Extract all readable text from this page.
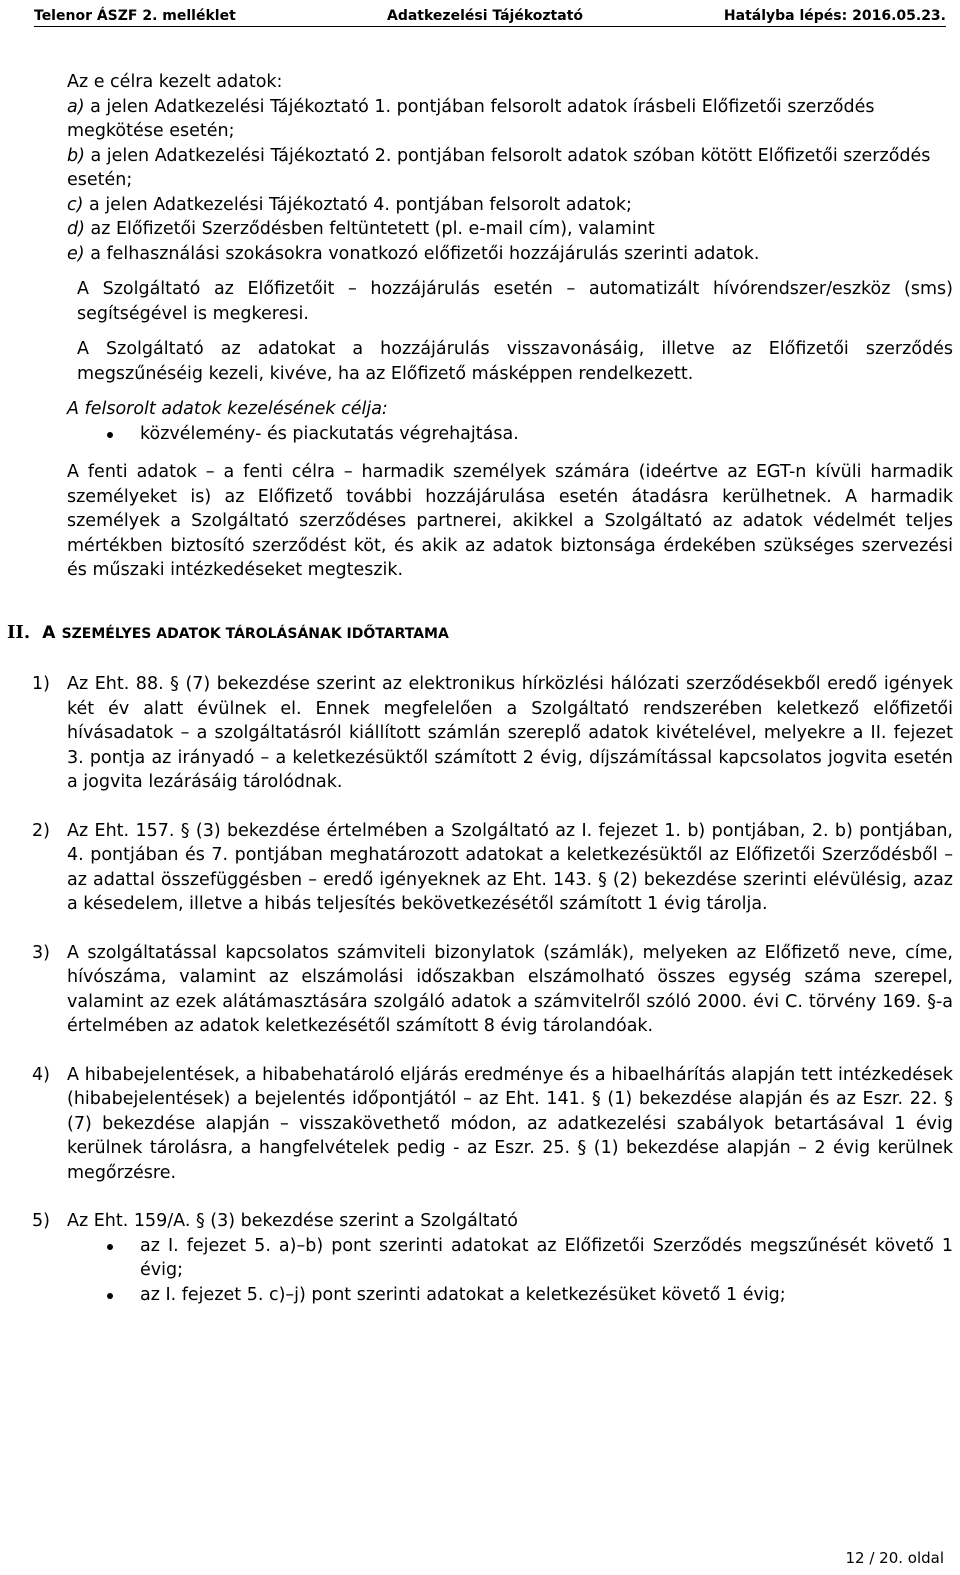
Telenor ÁSZF 2. melléklet	Adatkezelési Tájékoztató	Hatályba lépés: 2016.05.23.

Az e célra kezelt adatok:

a) a jelen Adatkezelési Tájékoztató 1. pontjában felsorolt adatok írásbeli Előfizetői szerződés megkötése esetén;
b) a jelen Adatkezelési Tájékoztató 2. pontjában felsorolt adatok szóban kötött Előfizetői szerződés esetén;
c) a jelen Adatkezelési Tájékoztató 4. pontjában felsorolt adatok;
d) az Előfizetői Szerződésben feltüntetett (pl. e-mail cím), valamint
e) a felhasználási szokásokra vonatkozó előfizetői hozzájárulás szerinti adatok.

A Szolgáltató az Előfizetőit – hozzájárulás esetén – automatizált hívórendszer/eszköz (sms) segítségével is megkeresi.

A Szolgáltató az adatokat a hozzájárulás visszavonásáig, illetve az Előfizetői szerződés megszűnéséig kezeli, kivéve, ha az Előfizető másképpen rendelkezett.

A felsorolt adatok kezelésének célja:

közvélemény- és piackutatás végrehajtása.

A fenti adatok – a fenti célra – harmadik személyek számára (ideértve az EGT-n kívüli harmadik személyeket is) az Előfizető további hozzájárulása esetén átadásra kerülhetnek. A harmadik személyek a Szolgáltató szerződéses partnerei, akikkel a Szolgáltató az adatok védelmét teljes mértékben biztosító szerződést köt, és akik az adatok biztonsága érdekében szükséges szervezési és műszaki intézkedéseket megteszik.

II. A SZEMÉLYES ADATOK TÁROLÁSÁNAK IDŐTARTAMA
1) Az Eht. 88. § (7) bekezdése szerint az elektronikus hírközlési hálózati szerződésekből eredő igények két év alatt évülnek el. Ennek megfelelően a Szolgáltató rendszerében keletkező előfizetői hívásadatok – a szolgáltatásról kiállított számlán szereplő adatok kivételével, melyekre a II. fejezet 3. pontja az irányadó – a keletkezésüktől számított 2 évig, díjszámítással kapcsolatos jogvita esetén a jogvita lezárásáig tárolódnak.
2) Az Eht. 157. § (3) bekezdése értelmében a Szolgáltató az I. fejezet 1. b) pontjában, 2. b) pontjában, 4. pontjában és 7. pontjában meghatározott adatokat a keletkezésüktől az Előfizetői Szerződésből – az adattal összefüggésben – eredő igényeknek az Eht. 143. § (2) bekezdése szerinti elévülésig, azaz a késedelem, illetve a hibás teljesítés bekövetkezésétől számított 1 évig tárolja.
3) A szolgáltatással kapcsolatos számviteli bizonylatok (számlák), melyeken az Előfizető neve, címe, hívószáma, valamint az elszámolási időszakban elszámolható összes egység száma szerepel, valamint az ezek alátámasztására szolgáló adatok a számvitelről szóló 2000. évi C. törvény 169. §-a értelmében az adatok keletkezésétől számított 8 évig tárolandóak.
4) A hibabejelentések, a hibabehatároló eljárás eredménye és a hibaelhárítás alapján tett intézkedések (hibabejelentések) a bejelentés időpontjától – az Eht. 141. § (1) bekezdése alapján és az Eszr. 22. § (7) bekezdése alapján – visszakövethető módon, az adatkezelési szabályok betartásával 1 évig kerülnek tárolásra, a hangfelvételek pedig - az Eszr. 25. § (1) bekezdése alapján – 2 évig kerülnek megőrzésre.
5) Az Eht. 159/A. § (3) bekezdése szerint a Szolgáltató
az I. fejezet 5. a)–b) pont szerinti adatokat az Előfizetői Szerződés megszűnését követő 1 évig;
az I. fejezet 5. c)–j) pont szerinti adatokat a keletkezésüket követő 1 évig;
12 / 20. oldal
